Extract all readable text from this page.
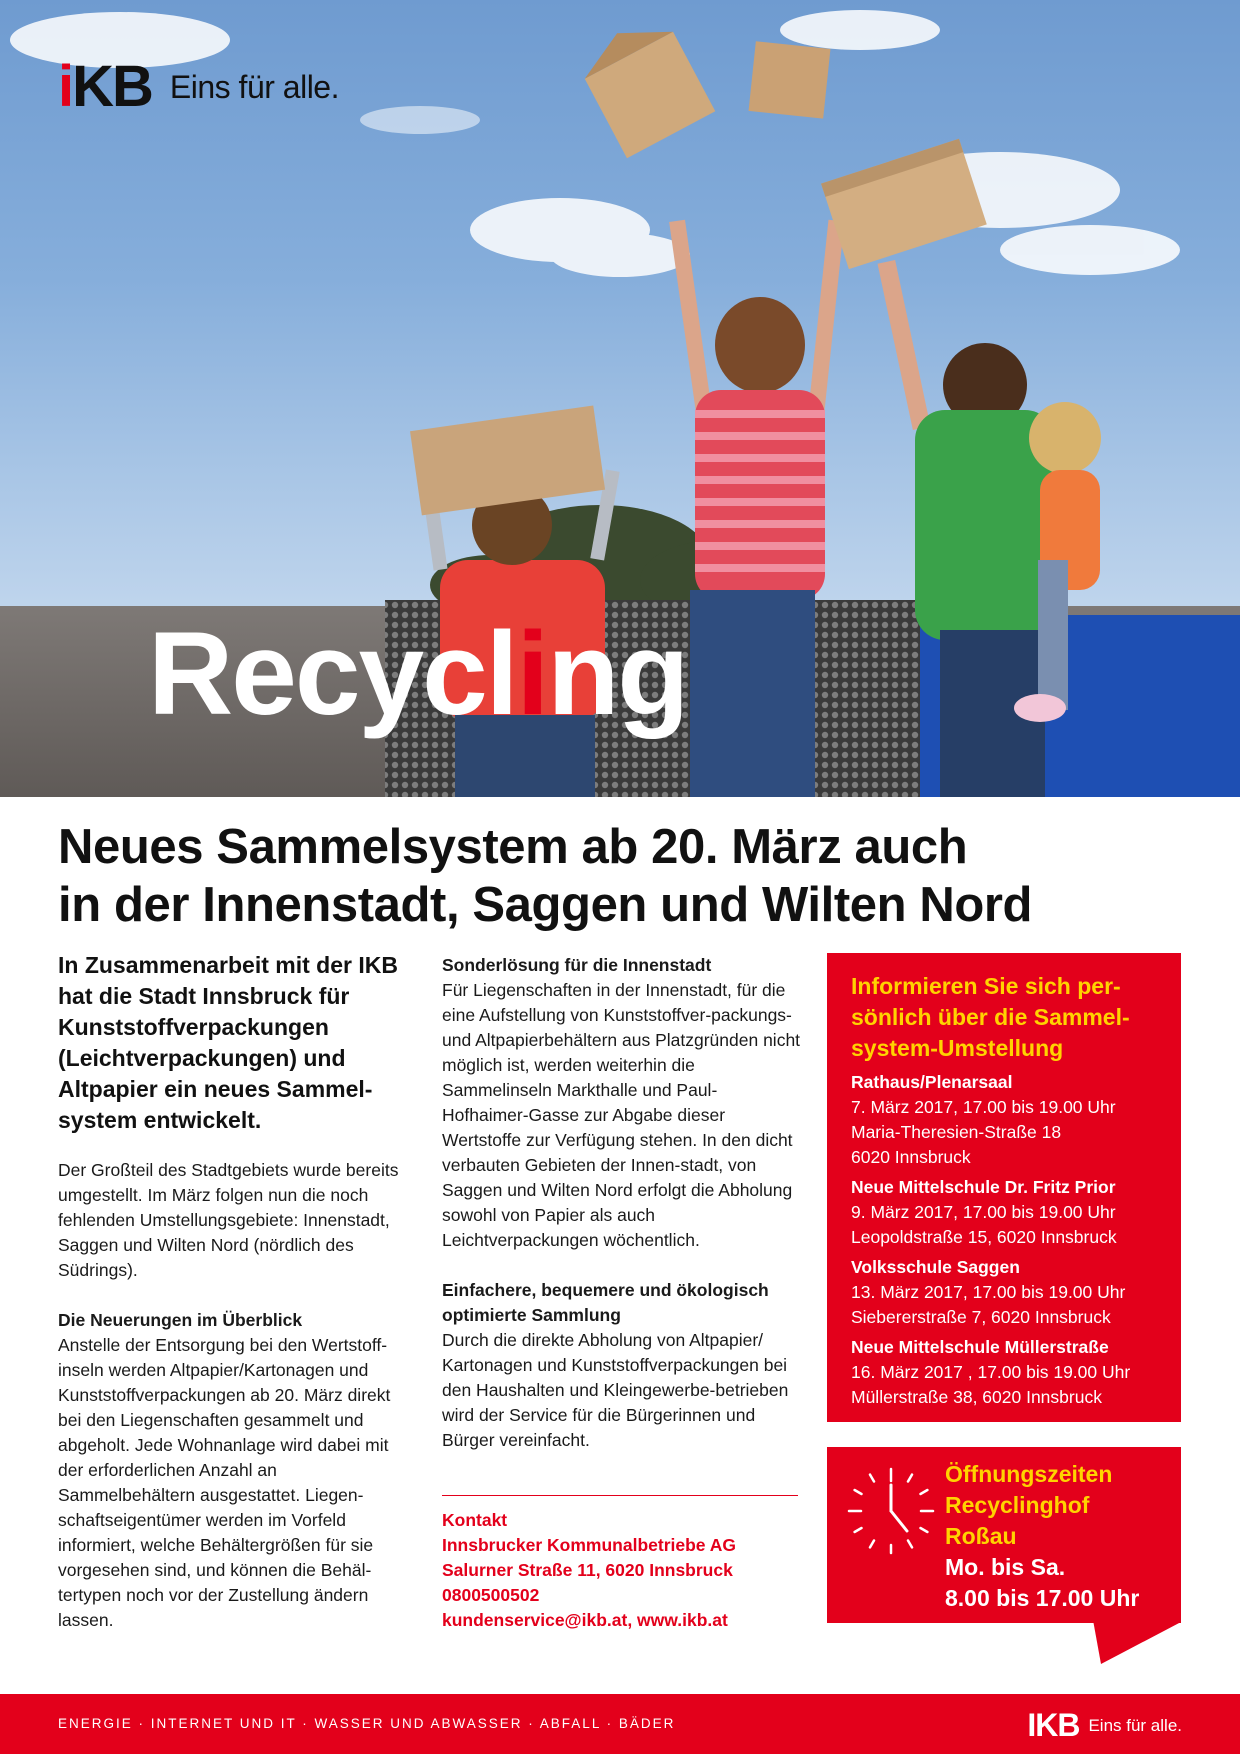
iKB Eins für alle.
Recycling
Neues Sammelsystem ab 20. März auch
in der Innenstadt, Saggen und Wilten Nord

In Zusammenarbeit mit der IKB hat die Stadt Innsbruck für Kunststoffverpackungen (Leichtverpackungen) und Altpapier ein neues Sammel-system entwickelt.

Der Großteil des Stadtgebiets wurde bereits umgestellt. Im März folgen nun die noch fehlenden Umstellungsgebiete: Innenstadt, Saggen und Wilten Nord (nördlich des Südrings).

Die Neuerungen im Überblick

Anstelle der Entsorgung bei den Wertstoff-inseln werden Altpapier/Kartonagen und Kunststoffverpackungen ab 20. März direkt bei den Liegenschaften gesammelt und abgeholt. Jede Wohnanlage wird dabei mit der erforderlichen Anzahl an Sammelbehältern ausgestattet. Liegen-schaftseigentümer werden im Vorfeld informiert, welche Behältergrößen für sie vorgesehen sind, und können die Behäl-tertypen noch vor der Zustellung ändern lassen.

Sonderlösung für die Innenstadt

Für Liegenschaften in der Innenstadt, für die eine Aufstellung von Kunststoffver-packungs- und Altpapierbehältern aus Platzgründen nicht möglich ist, werden weiterhin die Sammelinseln Markthalle und Paul-Hofhaimer-Gasse zur Abgabe dieser Wertstoffe zur Verfügung stehen. In den dicht verbauten Gebieten der Innen-stadt, von Saggen und Wilten Nord erfolgt die Abholung sowohl von Papier als auch Leichtverpackungen wöchentlich.

Einfachere, bequemere und ökologisch optimierte Sammlung

Durch die direkte Abholung von Altpapier/ Kartonagen und Kunststoffverpackungen bei den Haushalten und Kleingewerbe-betrieben wird der Service für die Bürgerinnen und Bürger vereinfacht.

Kontakt

Innsbrucker Kommunalbetriebe AG

Salurner Straße 11, 6020 Innsbruck

0800500502

kundenservice@ikb.at, www.ikb.at

Informieren Sie sich per-sönlich über die Sammel-system-Umstellung

Rathaus/Plenarsaal
7. März 2017, 17.00 bis 19.00 Uhr
Maria-Theresien-Straße 18
6020 Innsbruck
Neue Mittelschule Dr. Fritz Prior
9. März 2017, 17.00 bis 19.00 Uhr
Leopoldstraße 15, 6020 Innsbruck
Volksschule Saggen
13. März 2017, 17.00 bis 19.00 Uhr
Siebererstraße 7, 6020 Innsbruck
Neue Mittelschule Müllerstraße
16. März 2017 , 17.00 bis 19.00 Uhr
Müllerstraße 38, 6020 Innsbruck
Öffnungszeiten
Recyclinghof
Roßau
Mo. bis Sa.
8.00 bis 17.00 Uhr
ENERGIE · INTERNET UND IT · WASSER UND ABWASSER · ABFALL · BÄDER	IKB Eins für alle.
